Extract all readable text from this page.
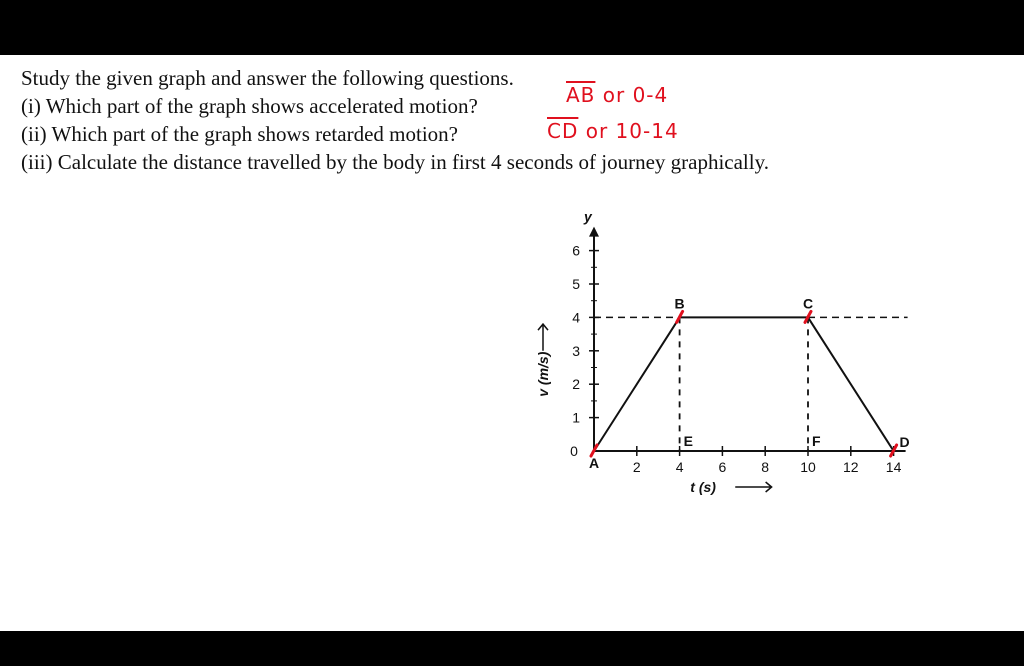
Study the given graph and answer the following questions.
(i) Which part of the graph shows accelerated motion?
(ii) Which part of the graph shows retarded motion?
(iii) Calculate the distance travelled by the body in first 4 seconds of journey graphically.
$\overline{AB}$ or 0-4
$\overline{CD}$ or 10-14
y
1
2
3
4
5
6
0
2	4	6	8 10 12 14
t (s)
v (m/s)
A
B	C
D
E	F
